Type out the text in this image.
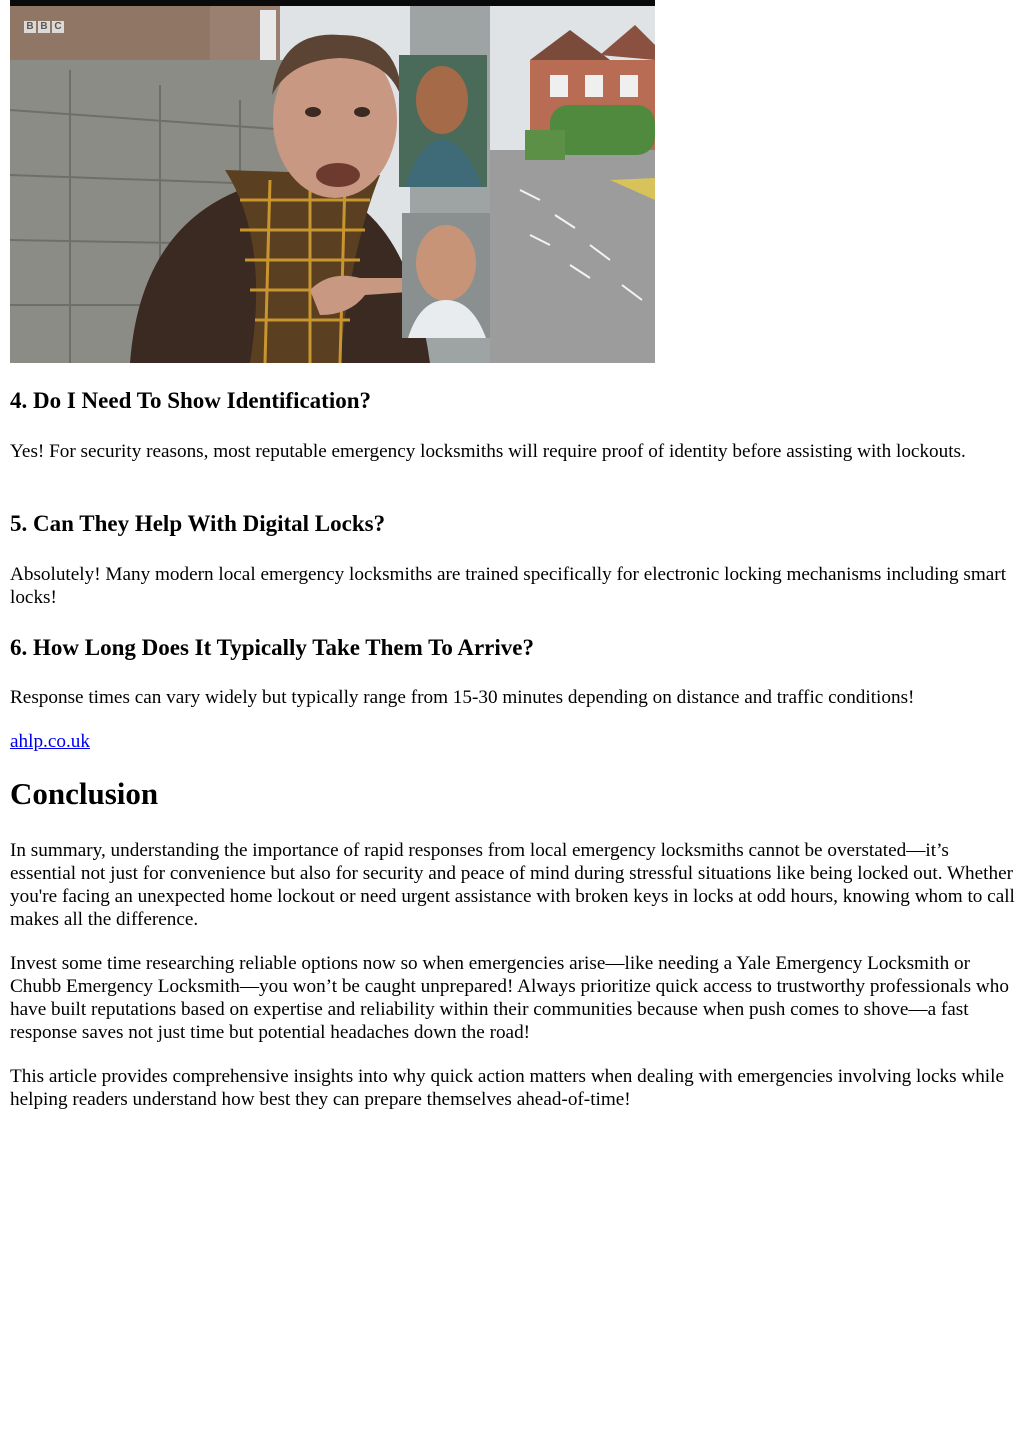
B B C
4. Do I Need To Show Identification?

Yes! For security reasons, most reputable emergency locksmiths will require proof of identity before assisting with lockouts.

5. Can They Help With Digital Locks?

Absolutely! Many modern local emergency locksmiths are trained specifically for electronic locking mechanisms including smart locks!

6. How Long Does It Typically Take Them To Arrive?

Response times can vary widely but typically range from 15-30 minutes depending on distance and traffic conditions!

ahlp.co.uk
Conclusion

In summary, understanding the importance of rapid responses from local emergency locksmiths cannot be overstated—it’s essential not just for convenience but also for security and peace of mind during stressful situations like being locked out. Whether you're facing an unexpected home lockout or need urgent assistance with broken keys in locks at odd hours, knowing whom to call makes all the difference.

Invest some time researching reliable options now so when emergencies arise—like needing a Yale Emergency Locksmith or Chubb Emergency Locksmith—you won’t be caught unprepared! Always prioritize quick access to trustworthy professionals who have built reputations based on expertise and reliability within their communities because when push comes to shove—a fast response saves not just time but potential headaches down the road!

This article provides comprehensive insights into why quick action matters when dealing with emergencies involving locks while helping readers understand how best they can prepare themselves ahead-of-time!
